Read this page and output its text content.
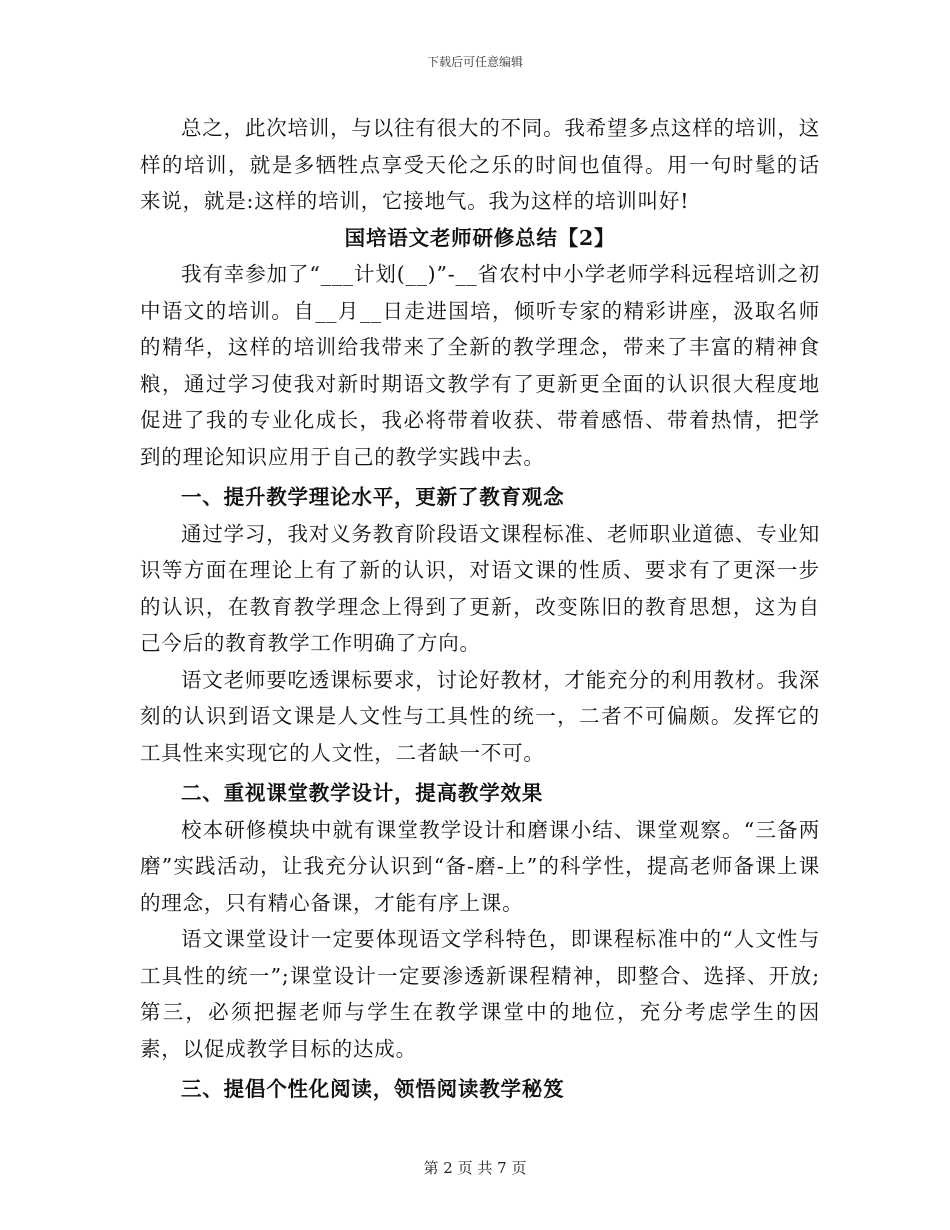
下载后可任意编辑

总之，此次培训，与以往有很大的不同。我希望多点这样的培训，这样的培训，就是多牺牲点享受天伦之乐的时间也值得。用一句时髦的话来说，就是:这样的培训，它接地气。我为这样的培训叫好!

国培语文老师研修总结【2】

我有幸参加了“___计划(__)”-__省农村中小学老师学科远程培训之初中语文的培训。自__月__日走进国培，倾听专家的精彩讲座，汲取名师的精华，这样的培训给我带来了全新的教学理念，带来了丰富的精神食粮，通过学习使我对新时期语文教学有了更新更全面的认识很大程度地促进了我的专业化成长，我必将带着收获、带着感悟、带着热情，把学到的理论知识应用于自己的教学实践中去。

一、提升教学理论水平，更新了教育观念

通过学习，我对义务教育阶段语文课程标准、老师职业道德、专业知识等方面在理论上有了新的认识，对语文课的性质、要求有了更深一步的认识，在教育教学理念上得到了更新，改变陈旧的教育思想，这为自己今后的教育教学工作明确了方向。

语文老师要吃透课标要求，讨论好教材，才能充分的利用教材。我深刻的认识到语文课是人文性与工具性的统一，二者不可偏颇。发挥它的工具性来实现它的人文性，二者缺一不可。

二、重视课堂教学设计，提高教学效果

校本研修模块中就有课堂教学设计和磨课小结、课堂观察。“三备两磨”实践活动，让我充分认识到“备-磨-上”的科学性，提高老师备课上课的理念，只有精心备课，才能有序上课。

语文课堂设计一定要体现语文学科特色，即课程标准中的“人文性与工具性的统一”;课堂设计一定要渗透新课程精神，即整合、选择、开放;第三，必须把握老师与学生在教学课堂中的地位，充分考虑学生的因素，以促成教学目标的达成。

三、提倡个性化阅读，领悟阅读教学秘笈

第 2 页 共 7 页
